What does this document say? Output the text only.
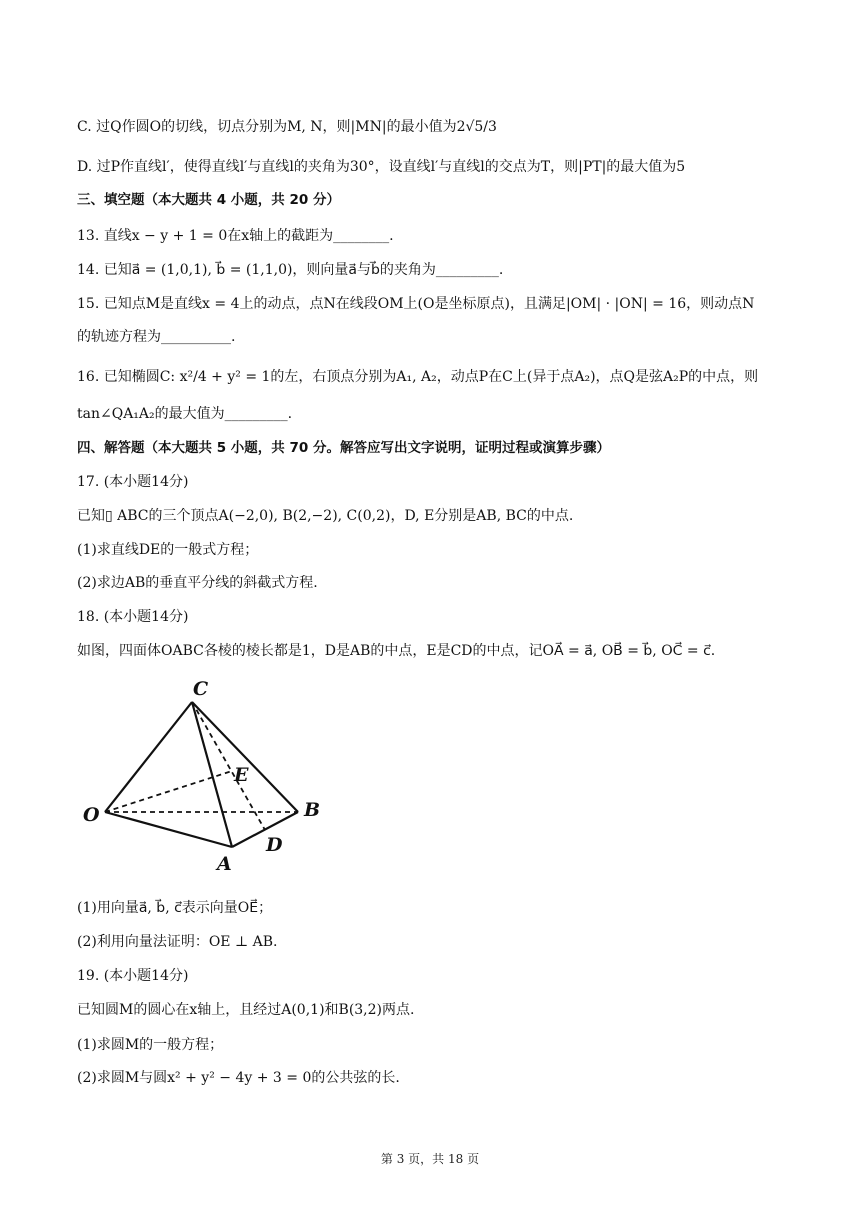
C. 过Q作圆O的切线，切点分别为M, N，则|MN|的最小值为2√5/3
D. 过P作直线l′，使得直线l′与直线l的夹角为30°，设直线l′与直线l的交点为T，则|PT|的最大值为5
三、填空题（本大题共 4 小题，共 20 分）
13. 直线x − y + 1 = 0在x轴上的截距为________.
14. 已知a⃗ = (1,0,1), b⃗ = (1,1,0)，则向量a⃗与b⃗的夹角为_________.
15. 已知点M是直线x = 4上的动点，点N在线段OM上(O是坐标原点)，且满足|OM| · |ON| = 16，则动点N
的轨迹方程为__________.
16. 已知椭圆C: x²/4 + y² = 1的左，右顶点分别为A₁, A₂，动点P在C上(异于点A₂)，点Q是弦A₂P的中点，则
tan∠QA₁A₂的最大值为_________.
四、解答题（本大题共 5 小题，共 70 分。解答应写出文字说明，证明过程或演算步骤）
17. (本小题14分)
已知▯ ABC的三个顶点A(−2,0), B(2,−2), C(0,2)，D, E分别是AB, BC的中点.
(1)求直线DE的一般式方程；
(2)求边AB的垂直平分线的斜截式方程.
18. (本小题14分)
如图，四面体OABC各棱的棱长都是1，D是AB的中点，E是CD的中点，记OA⃗ = a⃗, OB⃗ = b⃗, OC⃗ = c⃗.
C
O
E
B
D
A
(1)用向量a⃗, b⃗, c⃗表示向量OE⃗；
(2)利用向量法证明：OE ⊥ AB.
19. (本小题14分)
已知圆M的圆心在x轴上，且经过A(0,1)和B(3,2)两点.
(1)求圆M的一般方程；
(2)求圆M与圆x² + y² − 4y + 3 = 0的公共弦的长.
第 3 页，共 18 页
